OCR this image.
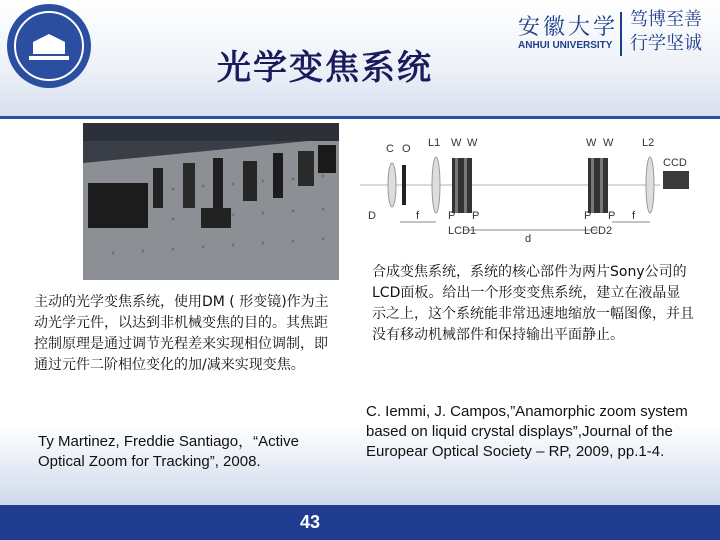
光学变焦系统
安徽大学
ANHUI UNIVERSITY
笃博至善
行学坚诚
C O L1 W W	W W	L2
CCD
D	f	P P	P P f
LCD1
d
LCD2
合成变焦系统，系统的核心部件为两片Sony公司的LCD面板。给出一个形变变焦系统，建立在液晶显示之上，这个系统能非常迅速地缩放一幅图像，并且没有移动机械部件和保持输出平面静止。
主动的光学变焦系统，使用DM ( 形变镜)作为主动光学元件，以达到非机械变焦的目的。其焦距控制原理是通过调节光程差来实现相位调制，即通过元件二阶相位变化的加/减来实现变焦。
Ty Martinez, Freddie Santiago，“Active Optical Zoom for Tracking”, 2008.
C. Iemmi, J. Campos,”Anamorphic zoom system based on liquid crystal displays”,Journal of the Europear Optical Society – RP, 2009, pp.1-4.
43
